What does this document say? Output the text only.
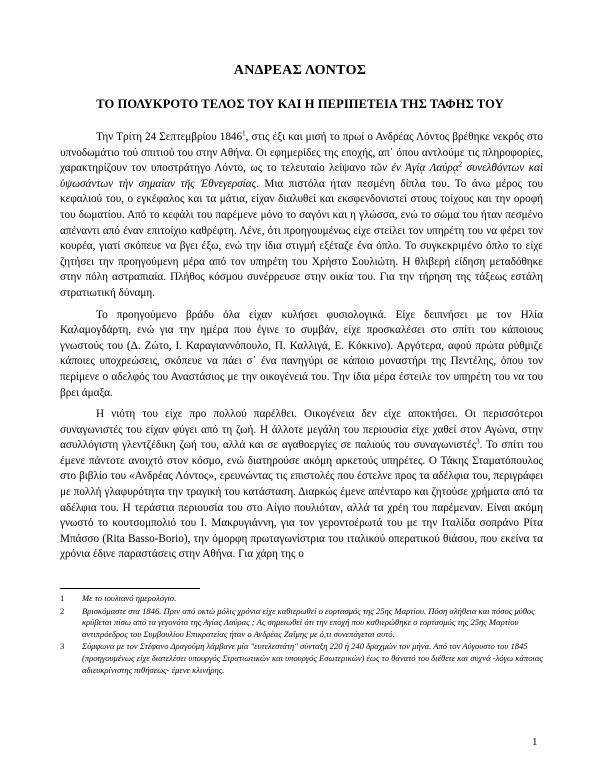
ΑΝΔΡΕΑΣ ΛΟΝΤΟΣ
ΤΟ ΠΟΛΥΚΡΟΤΟ ΤΕΛΟΣ ΤΟΥ ΚΑΙ Η ΠΕΡΙΠΕΤΕΙΑ ΤΗΣ ΤΑΦΗΣ ΤΟΥ

Την Τρίτη 24 Σεπτεμβρίου 1846$^1$, στις έξι και μισή το πρωί ο Ανδρέας Λόντος βρέθηκε νεκρός στο υπνοδωμάτιο τού σπιτιού του στην Αθήνα. Οι εφημερίδες της εποχής, απ᾽ όπου αντλούμε τις πληροφορίες, χαρακτηρίζουν τον υποστράτηγο Λόντο, ως το τελευταίο λείψανο τῶν ἐν Ἁγίᾳ Λαύρᾳ$^2$ συνελθόντων καὶ ὑψωσάντων τὴν σημαίαν τῆς Ἐθνεγερσίας. Μια πιστόλα ήταν πεσμένη δίπλα του. Το άνω μέρος του κεφαλιού του, ο εγκέφαλος και τα μάτια, είχαν διαλυθεί και εκσφενδονιστεί στους τοίχους και την οροφή του δωματίου. Από το κεφάλι του παρέμενε μόνο το σαγόνι και η γλώσσα, ενώ το σώμα του ήταν πεσμένο απέναντι από έναν επιτοίχιο καθρέφτη. Λένε, ότι προηγουμένως είχε στείλει τον υπηρέτη του να φέρει τον κουρέα, γιατί σκόπευε να βγει έξω, ενώ την ίδια στιγμή εξέταζε ένα όπλο. Το συγκεκριμένο όπλο το είχε ζητήσει την προηγούμενη μέρα από τον υπηρέτη του Χρήστο Σουλιώτη. Η θλιβερή είδηση μεταδόθηκε στην πόλη αστραπιαία. Πλήθος κόσμου συνέρρευσε στην οικία του. Για την τήρηση της τάξεως εστάλη στρατιωτική δύναμη.

Το προηγούμενο βράδυ όλα είχαν κυλήσει φυσιολογικά. Είχε δειπνήσει με τον Ηλία Καλαμογδάρτη, ενώ για την ημέρα που έγινε το συμβάν, είχε προσκαλέσει στο σπίτι του κάποιους γνωστούς του (Δ. Ζώτο, Ι. Καραγιαννόπουλο, Π. Καλλιγά, Ε. Κόκκινο). Αργότερα, αφού πρώτα ρύθμιζε κάποιες υποχρεώσεις, σκόπευε να πάει σ᾽ ένα πανηγύρι σε κάποιο μοναστήρι της Πεντέλης, όπου τον περίμενε ο αδελφός του Αναστάσιος με την οικογένειά του. Την ίδια μέρα έστειλε τον υπηρέτη του να του βρει άμαξα.

Η νιότη του είχε προ πολλού παρέλθει. Οικογένεια δεν είχε αποκτήσει. Οι περισσότεροι συναγωνιστές του είχαν φύγει από τη ζωή. Η άλλοτε μεγάλη του περιουσία είχε χαθεί στον Αγώνα, στην ασυλλόγιστη γλεντζέδικη ζωή του, αλλά και σε αγαθοεργίες σε παλιούς του συναγωνιστές$^3$. Το σπίτι του έμενε πάντοτε ανοιχτό στον κόσμο, ενώ διατηρούσε ακόμη αρκετούς υπηρέτες. Ο Τάκης Σταματόπουλος στο βιβλίο του «Ανδρέας Λόντος», ερευνώντας τις επιστολές που έστελνε προς τα αδέλφια του, περιγράφει με πολλή γλαφυρότητα την τραγική του κατάσταση. Διαρκώς έμενε απένταρο και ζητούσε χρήματα από τα αδέλφια του. Η τεράστια περιουσία του στο Αίγιο πουλιόταν, αλλά τα χρέη του παρέμεναν. Είναι ακόμη γνωστό το κουτσομπολιό του Ι. Μακρυγιάννη, για τον γεροντοέρωτά του με την Ιταλίδα σοπράνο Ρίτα Μπάσσο (Rita Basso-Borio), την όμορφη πρωταγωνίστρια του ιταλικού οπερατικού θιάσου, που εκείνα τα χρόνια έδινε παραστάσεις στην Αθήνα. Για χάρη της ο

1	Με το ιουλιανό ημερολόγιο.
2	Βρισκόμαστε στα 1846. Πριν από οκτώ μόλις χρόνια είχε καθιερωθεί ο εορτασμός της 25ης Μαρτίου. Πόση αλήθεια και πόσος μύθος κρύβεται πίσω από τα γεγονότα της Αγίας Λαύρας ; Ας σημειωθεί ότι την εποχή που καθιερώθηκε ο εορτασμός της 25ης Μαρτίου αντιπρόεδρος του Συμβουλίου Επικρατείας ήταν ο Ανδρέας Ζαΐμης με ό,τι συνεπάγεται αυτό.
3	Σύμφωνα με τον Στέφανο Δραγούμη λάμβανε μία "ευτελεστάτη" σύνταξη 220 ή 240 δραχμών τον μήνα. Από τον Αύγουστο του 1845 (προηγουμένως είχε διατελέσει υπουργός Στρατιωτικών και υπουργός Εσωτερικών) έως το θάνατό του διέθετε και συχνά -λόγω κάποιας αδιευκρίνιστης πιθήσεως- έμενε κλινήρης.
1
